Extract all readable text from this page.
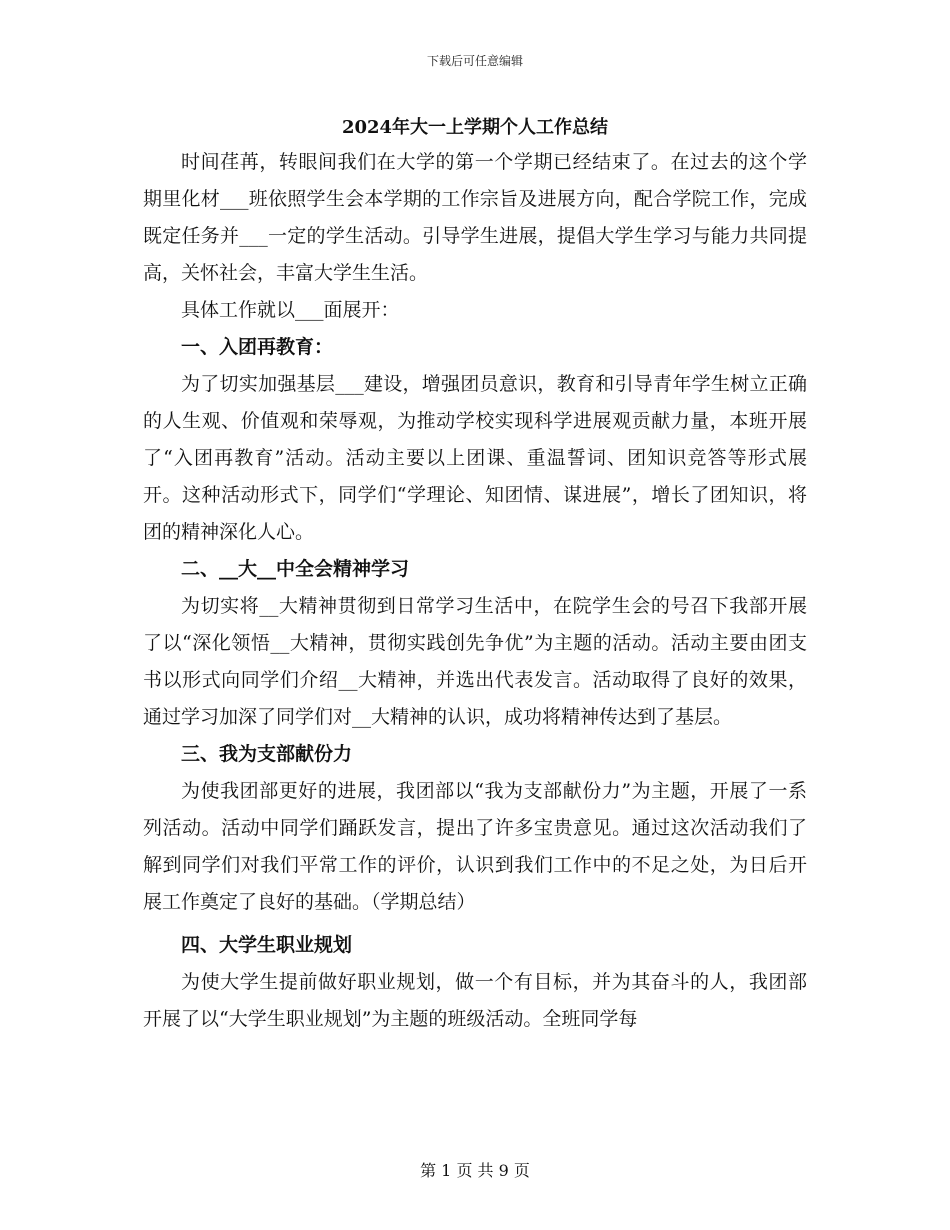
下载后可任意编辑
2024年大一上学期个人工作总结

时间荏苒，转眼间我们在大学的第一个学期已经结束了。在过去的这个学期里化材___班依照学生会本学期的工作宗旨及进展方向，配合学院工作，完成既定任务并___一定的学生活动。引导学生进展，提倡大学生学习与能力共同提高，关怀社会，丰富大学生生活。

具体工作就以___面展开：

一、入团再教育：

为了切实加强基层___建设，增强团员意识，教育和引导青年学生树立正确的人生观、价值观和荣辱观，为推动学校实现科学进展观贡献力量，本班开展了“入团再教育”活动。活动主要以上团课、重温誓词、团知识竞答等形式展开。这种活动形式下，同学们“学理论、知团情、谋进展”，增长了团知识，将团的精神深化人心。

二、__大__中全会精神学习

为切实将__大精神贯彻到日常学习生活中，在院学生会的号召下我部开展了以“深化领悟__大精神，贯彻实践创先争优”为主题的活动。活动主要由团支书以形式向同学们介绍__大精神，并选出代表发言。活动取得了良好的效果，通过学习加深了同学们对__大精神的认识，成功将精神传达到了基层。

三、我为支部献份力

为使我团部更好的进展，我团部以“我为支部献份力”为主题，开展了一系列活动。活动中同学们踊跃发言，提出了许多宝贵意见。通过这次活动我们了解到同学们对我们平常工作的评价，认识到我们工作中的不足之处，为日后开展工作奠定了良好的基础。（学期总结）

四、大学生职业规划

为使大学生提前做好职业规划，做一个有目标，并为其奋斗的人，我团部开展了以“大学生职业规划”为主题的班级活动。全班同学每

第 1 页 共 9 页
